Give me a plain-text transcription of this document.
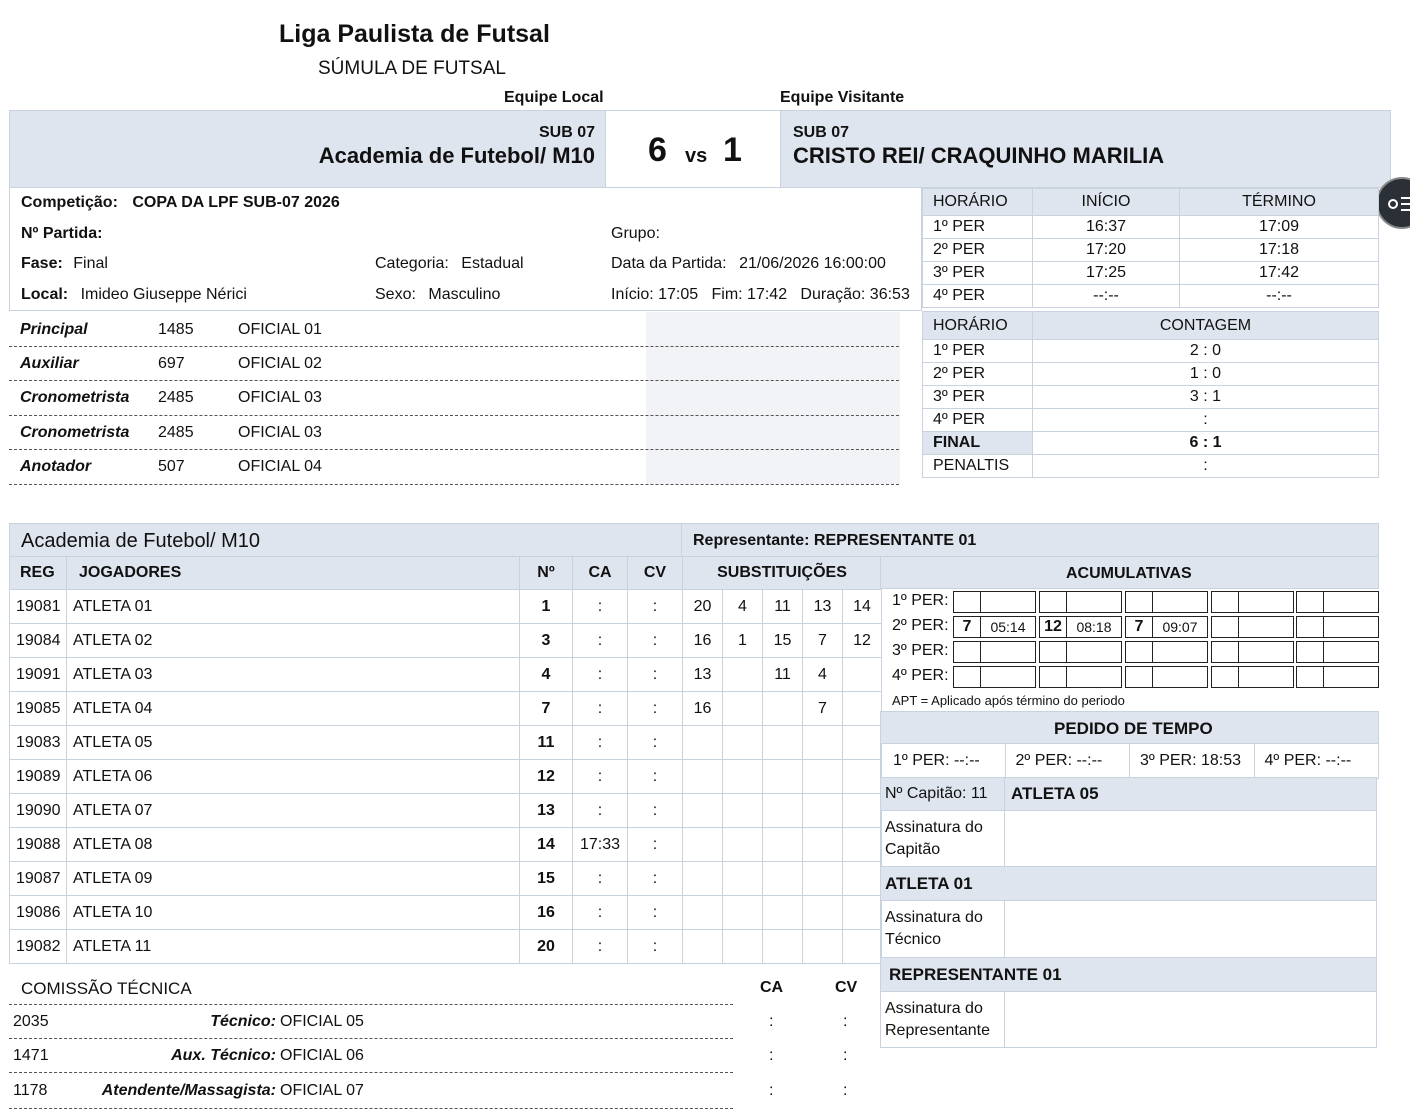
Liga Paulista de Futsal
SÚMULA DE FUTSAL
Equipe Local	Equipe Visitante
SUB 07
Academia de Futebol/ M10 6 vs 1	SUB 07
CRISTO REI/ CRAQUINHO MARILIA
Competição: COPA DA LPF SUB-07 2026
Nº Partida:	Grupo:
Fase: Final	Categoria: Estadual	Data da Partida: 21/06/2026 16:00:00
Local: Imideo Giuseppe Nérici	Sexo: Masculino	Início: 17:05   Fim: 17:42   Duração: 36:53
HORÁRIO	INÍCIO	TÉRMINO
1º PER	16:37	17:09
2º PER	17:20	17:18
3º PER	17:25	17:42
4º PER	--:--	--:--
HORÁRIO	CONTAGEM
1º PER	2 : 0
2º PER	1 : 0
3º PER	3 : 1
4º PER	:
FINAL	6 : 1
PENALTIS	:
Principal	1485	OFICIAL 01
Auxiliar	697	OFICIAL 02
Cronometrista 2485	OFICIAL 03
Cronometrista 2485	OFICIAL 03
Anotador	507	OFICIAL 04
Academia de Futebol/ M10	Representante: REPRESENTANTE 01
REG	JOGADORES	Nº	CA	CV	SUBSTITUIÇÕES				
19081	ATLETA 01	1	:	:	20	4	11	13	14
19084	ATLETA 02	3	:	:	16	1	15	7	12
19091	ATLETA 03	4	:	:	13		11	4	
19085	ATLETA 04	7	:	:	16			7	
19083	ATLETA 05	11	:	:					
19089	ATLETA 06	12	:	:					
19090	ATLETA 07	13	:	:					
19088	ATLETA 08	14	17:33	:					
19087	ATLETA 09	15	:	:					
19086	ATLETA 10	16	:	:					
19082	ATLETA 11	20	:	:					
ACUMULATIVAS
1º PER:
2º PER: 7	05:14	12	08:18	7	09:07
3º PER:
4º PER:
APT = Aplicado após término do periodo
PEDIDO DE TEMPO
1º PER: --:--	2º PER: --:--	3º PER: 18:53	4º PER: --:--
Nº Capitão: 11	ATLETA 05

Assinatura do
Capitão	

ATLETA 01	

Assinatura do
Técnico	

REPRESENTANTE 01	

Assinatura do
Representante	

COMISSÃO TÉCNICA	CA	CV
2035	Técnico: OFICIAL 05	:	:
1471	Aux. Técnico: OFICIAL 06	:	:
1178	Atendente/Massagista: OFICIAL 07	:	:
